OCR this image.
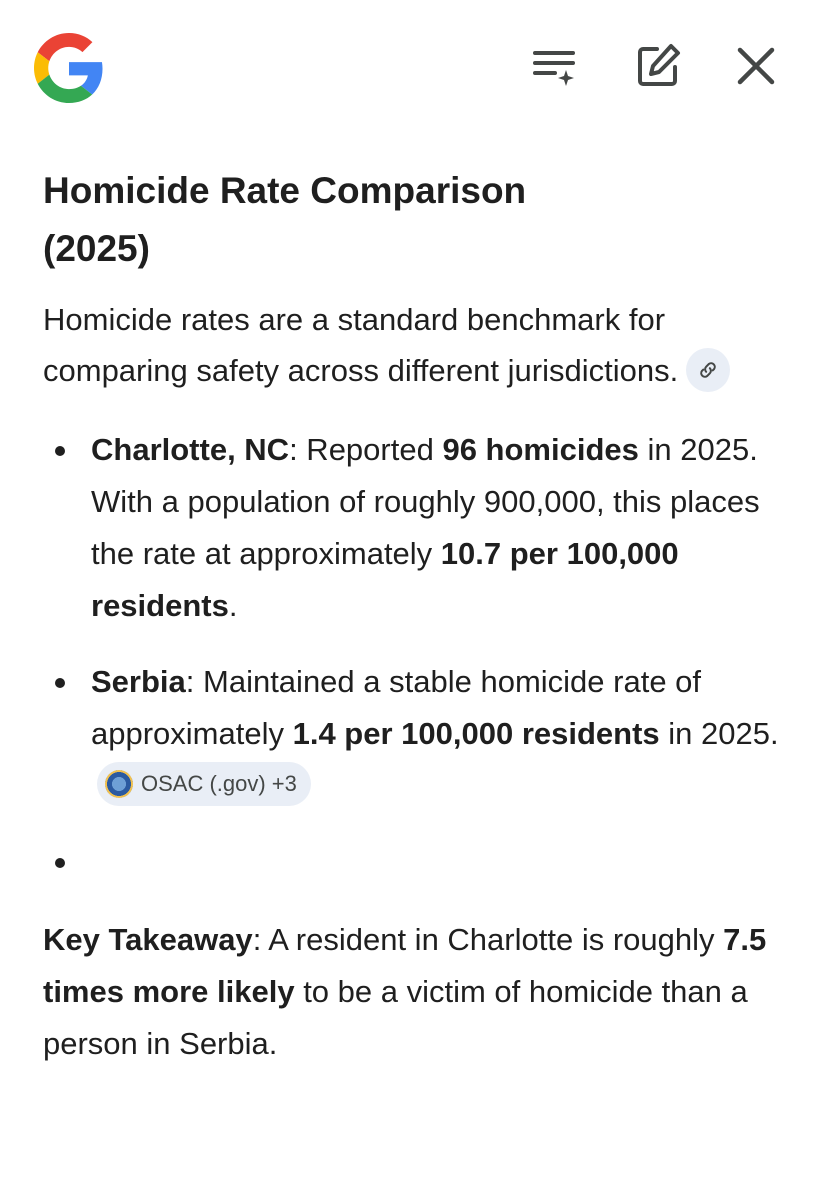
Homicide Rate Comparison
(2025)

Homicide rates are a standard benchmark for comparing safety across different jurisdictions.

Charlotte, NC: Reported 96 homicides in 2025. With a population of roughly 900,000, this places the rate at approximately 10.7 per 100,000 residents.
Serbia: Maintained a stable homicide rate of approximately 1.4 per 100,000 residents in 2025.
OSAC (.gov) +3

Key Takeaway: A resident in Charlotte is roughly 7.5 times more likely to be a victim of homicide than a person in Serbia.
